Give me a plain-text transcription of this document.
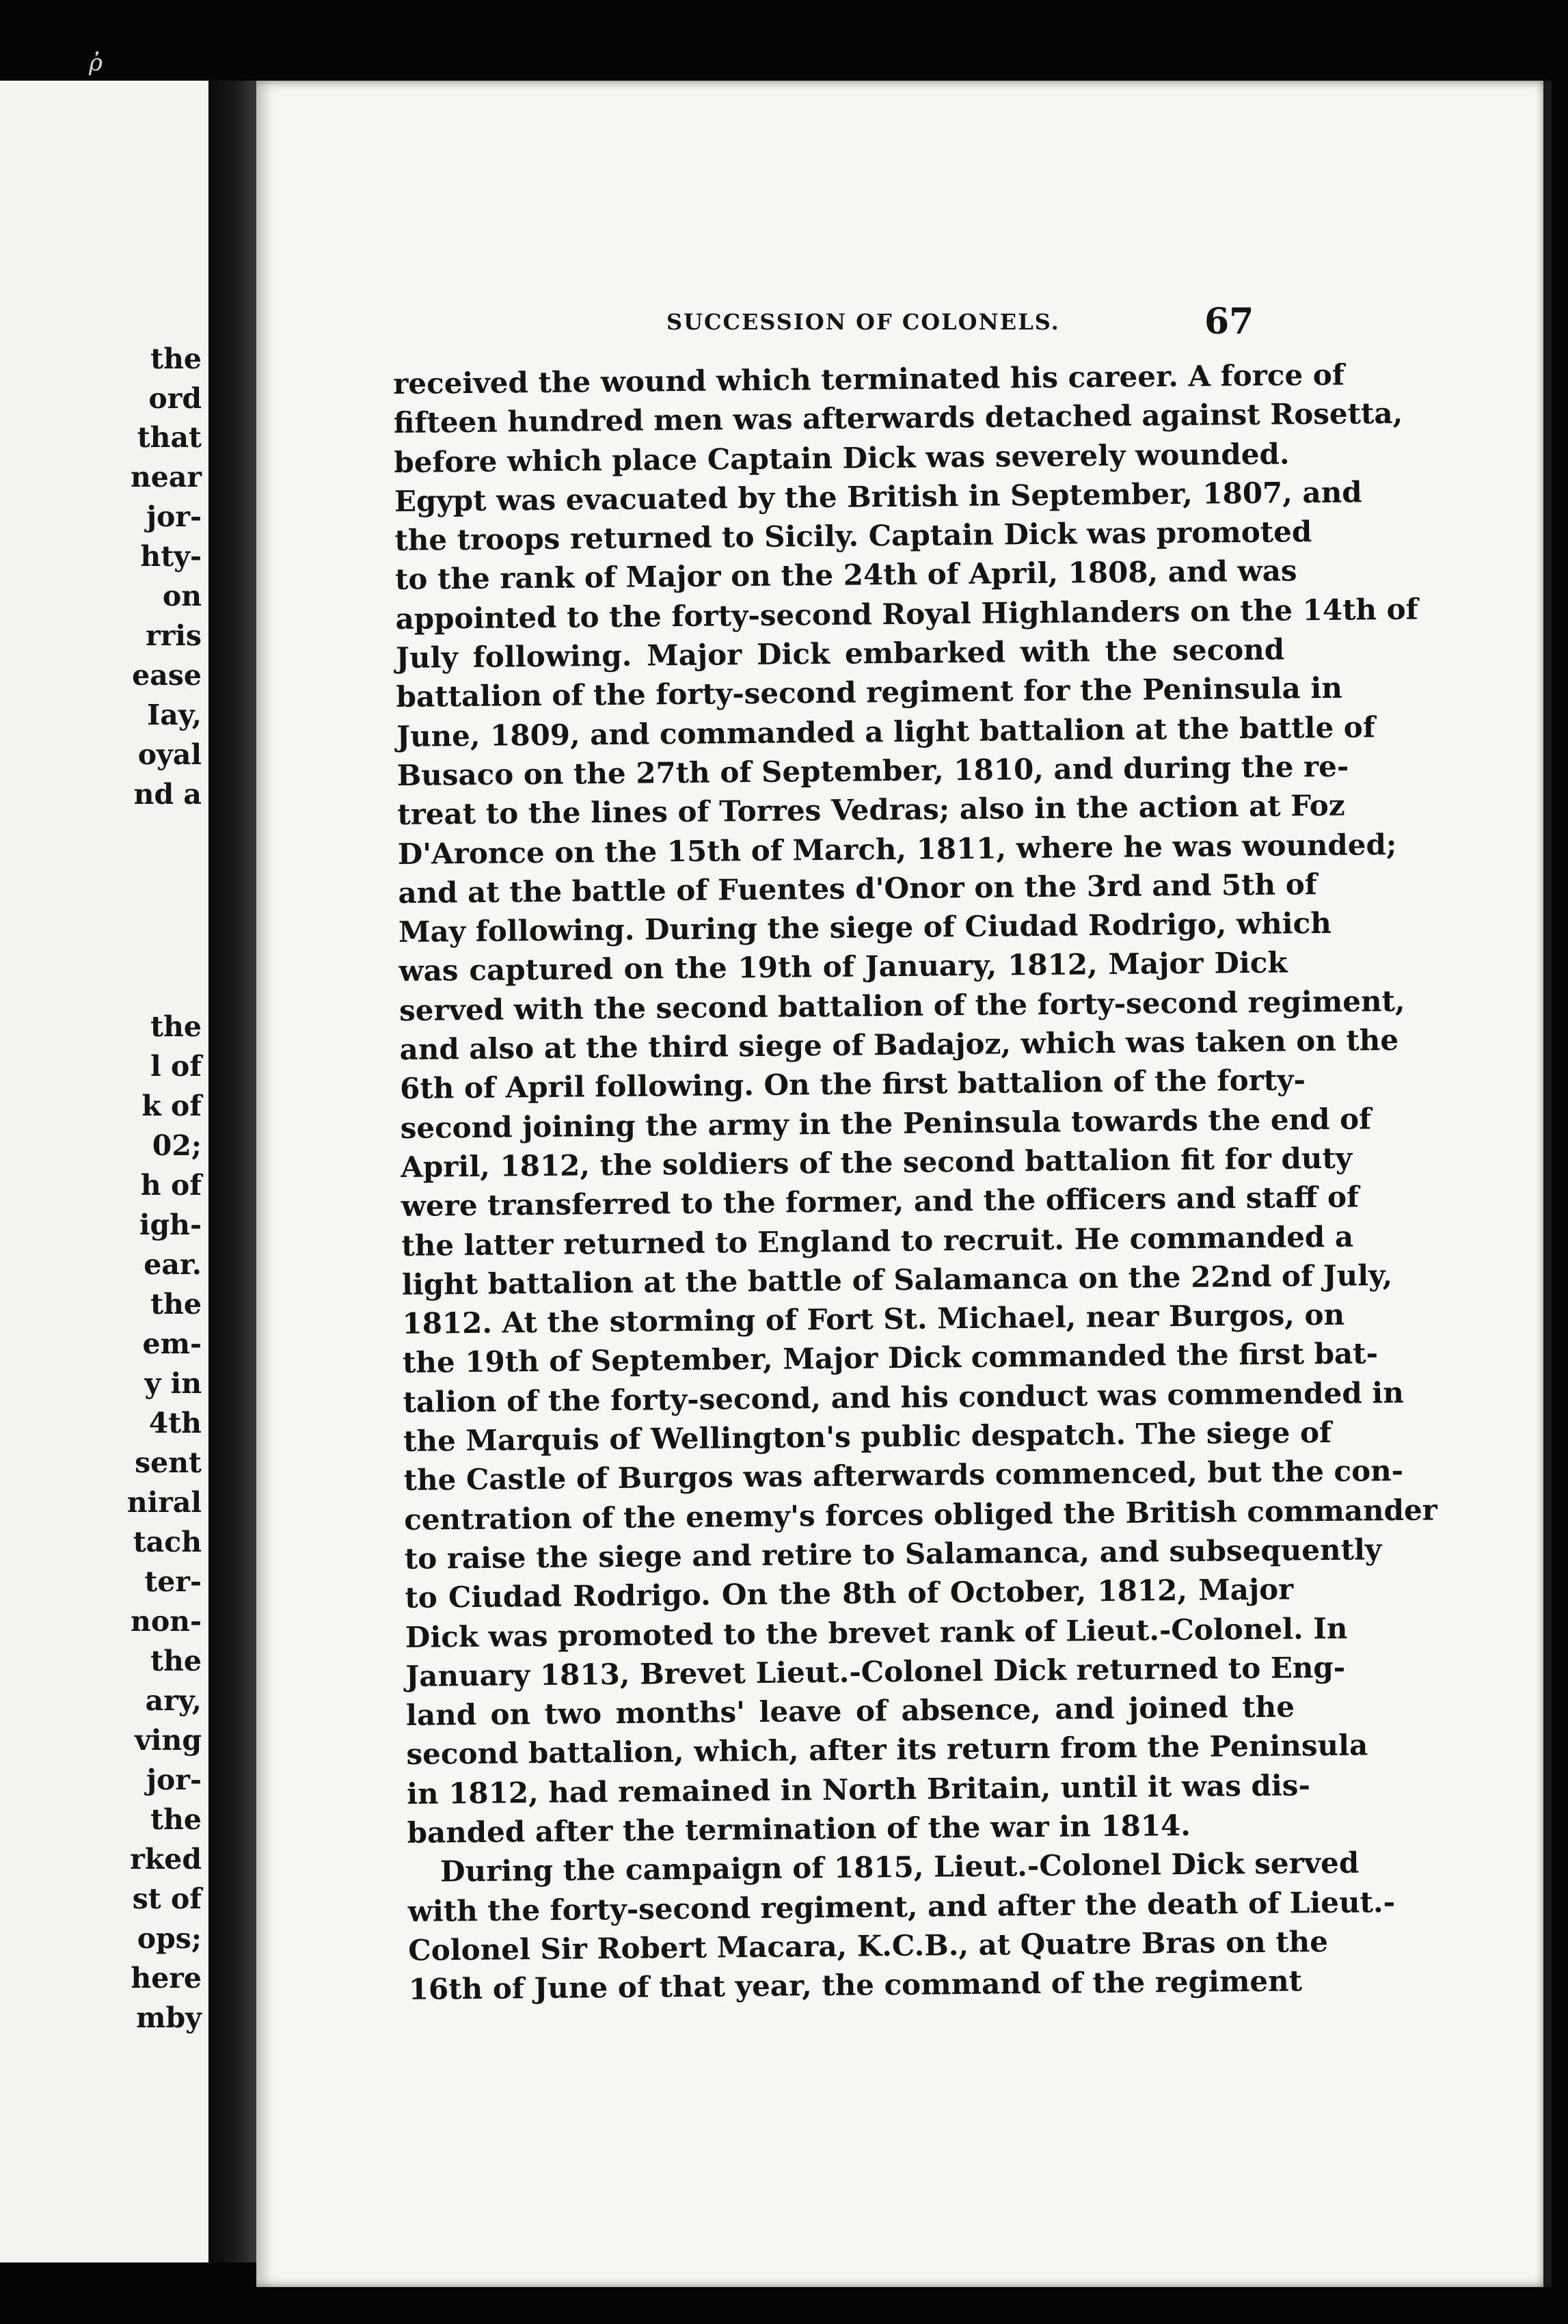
ῤ
the
ord
that
near
jor-
hty-
on
rris
ease
Iay,
oyal
nd a
the
l of
k of
02;
h of
igh-
ear.
the
em-
y in
4th
sent
niral
tach
ter-
non-
the
ary,
ving
jor-
the
rked
st of
ops;
here
mby
SUCCESSION OF COLONELS.	67
received the wound which terminated his career. A force of
fifteen hundred men was afterwards detached against Rosetta,
before which place Captain Dick was severely wounded.
Egypt was evacuated by the British in September, 1807, and
the troops returned to Sicily. Captain Dick was promoted
to the rank of Major on the 24th of April, 1808, and was
appointed to the forty-second Royal Highlanders on the 14th of
July following. Major Dick embarked with the second
battalion of the forty-second regiment for the Peninsula in
June, 1809, and commanded a light battalion at the battle of
Busaco on the 27th of September, 1810, and during the re-
treat to the lines of Torres Vedras; also in the action at Foz
D'Aronce on the 15th of March, 1811, where he was wounded;
and at the battle of Fuentes d'Onor on the 3rd and 5th of
May following. During the siege of Ciudad Rodrigo, which
was captured on the 19th of January, 1812, Major Dick
served with the second battalion of the forty-second regiment,
and also at the third siege of Badajoz, which was taken on the
6th of April following. On the first battalion of the forty-
second joining the army in the Peninsula towards the end of
April, 1812, the soldiers of the second battalion fit for duty
were transferred to the former, and the officers and staff of
the latter returned to England to recruit. He commanded a
light battalion at the battle of Salamanca on the 22nd of July,
1812. At the storming of Fort St. Michael, near Burgos, on
the 19th of September, Major Dick commanded the first bat-
talion of the forty-second, and his conduct was commended in
the Marquis of Wellington's public despatch. The siege of
the Castle of Burgos was afterwards commenced, but the con-
centration of the enemy's forces obliged the British commander
to raise the siege and retire to Salamanca, and subsequently
to Ciudad Rodrigo. On the 8th of October, 1812, Major
Dick was promoted to the brevet rank of Lieut.-Colonel. In
January 1813, Brevet Lieut.-Colonel Dick returned to Eng-
land on two months' leave of absence, and joined the
second battalion, which, after its return from the Peninsula
in 1812, had remained in North Britain, until it was dis-
banded after the termination of the war in 1814.
During the campaign of 1815, Lieut.-Colonel Dick served
with the forty-second regiment, and after the death of Lieut.-
Colonel Sir Robert Macara, K.C.B., at Quatre Bras on the
16th of June of that year, the command of the regiment
